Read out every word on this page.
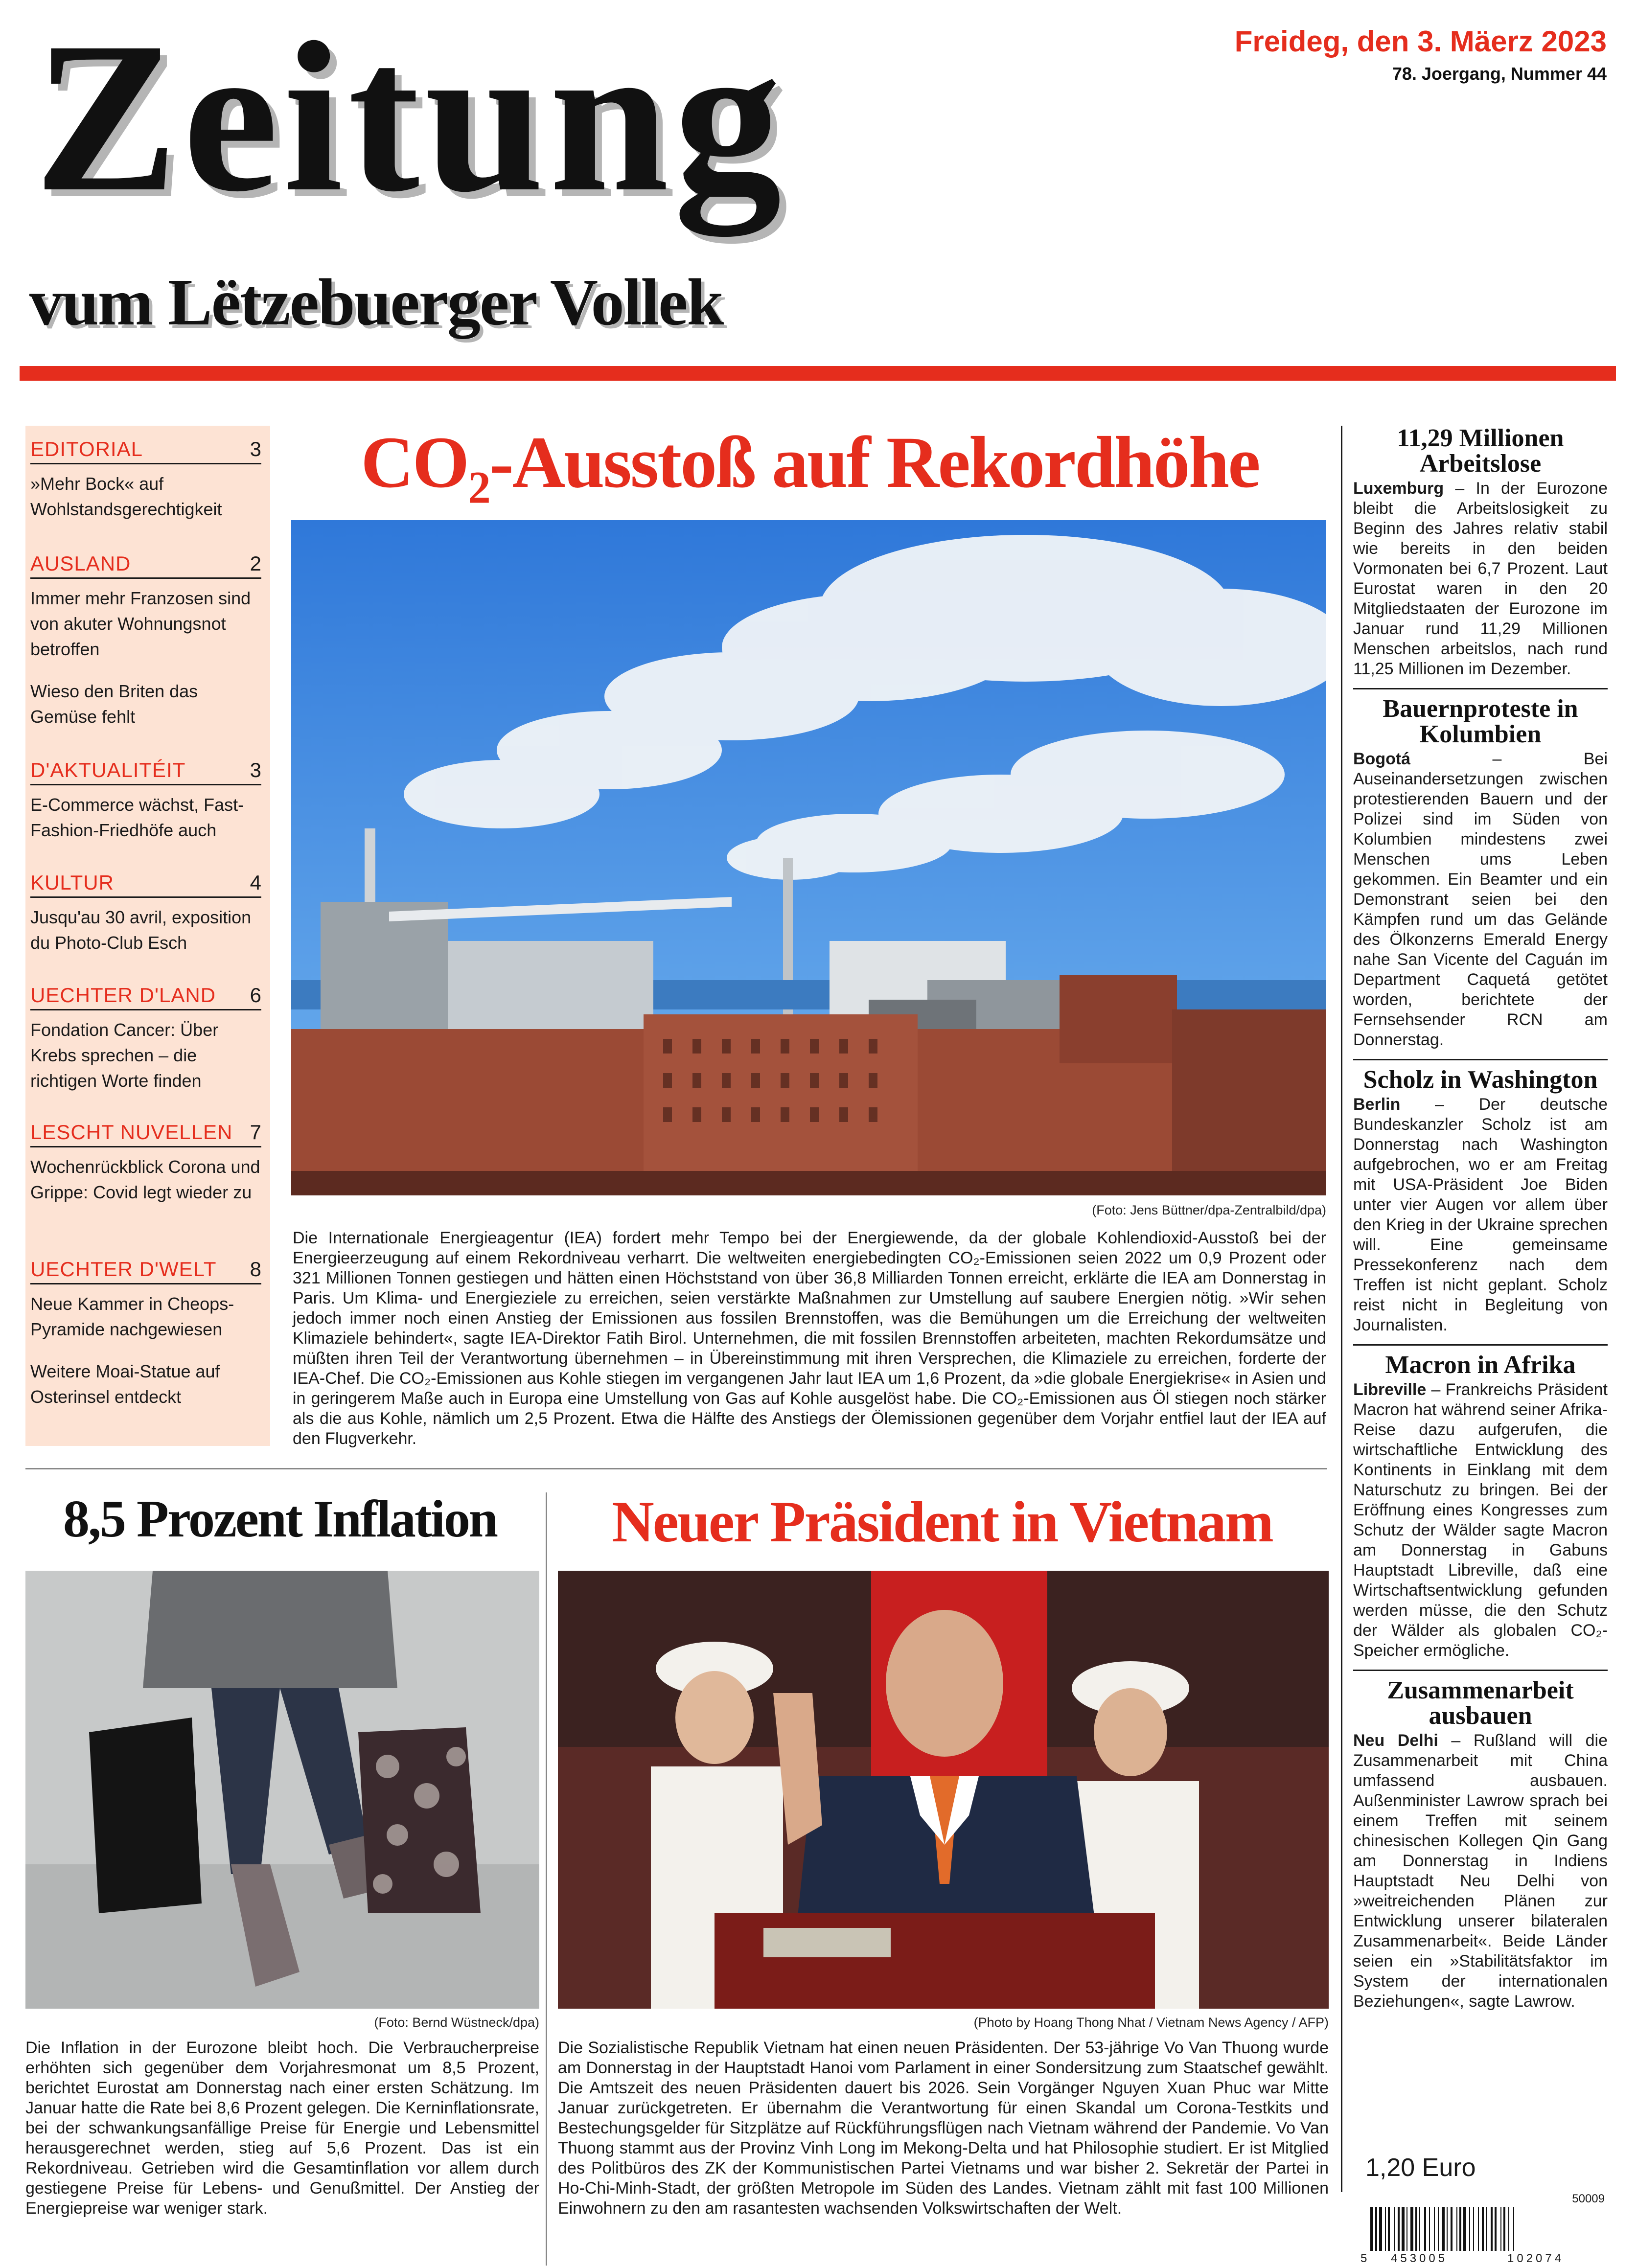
Zeitung
vum Lëtzebuerger Vollek
Freideg, den 3. Mäerz 2023
78. Joergang, Nummer 44
EDITORIAL	3
»Mehr Bock« auf Wohlstandsgerechtigkeit
AUSLAND	2
Immer mehr Franzosen sind von akuter Wohnungsnot betroffen
Wieso den Briten das Gemüse fehlt
D'AKTUALITÉIT	3
E-Commerce wächst, Fast-Fashion-Friedhöfe auch
KULTUR	4
Jusqu'au 30 avril, exposition du Photo-Club Esch
UECHTER D'LAND 6
Fondation Cancer: Über Krebs sprechen – die richtigen Worte finden
LESCHT NUVELLEN 7
Wochenrückblick Corona und Grippe: Covid legt wieder zu
UECHTER D'WELT 8
Neue Kammer in Cheops-Pyramide nachgewiesen
Weitere Moai-Statue auf Osterinsel entdeckt
$CO_2$-Ausstoß auf Rekordhöhe
(Foto: Jens Büttner/dpa-Zentralbild/dpa)
Die Internationale Energieagentur (IEA) fordert mehr Tempo bei der Energiewende, da der globale Kohlendioxid-Ausstoß bei der Energieerzeugung auf einem Rekordniveau verharrt. Die weltweiten energiebedingten CO₂-Emissionen seien 2022 um 0,9 Prozent oder 321 Millionen Tonnen gestiegen und hätten einen Höchststand von über 36,8 Milliarden Tonnen erreicht, erklärte die IEA am Donnerstag in Paris. Um Klima- und Energieziele zu erreichen, seien verstärkte Maßnahmen zur Umstellung auf saubere Energien nötig. »Wir sehen jedoch immer noch einen Anstieg der Emissionen aus fossilen Brennstoffen, was die Bemühungen um die Erreichung der weltweiten Klimaziele behindert«, sagte IEA-Direktor Fatih Birol. Unternehmen, die mit fossilen Brennstoffen arbeiteten, machten Rekordumsätze und müßten ihren Teil der Verantwortung übernehmen – in Übereinstimmung mit ihren Versprechen, die Klimaziele zu erreichen, forderte der IEA-Chef. Die CO₂-Emissionen aus Kohle stiegen im vergangenen Jahr laut IEA um 1,6 Prozent, da »die globale Energiekrise« in Asien und in geringerem Maße auch in Europa eine Umstellung von Gas auf Kohle ausgelöst habe. Die CO₂-Emissionen aus Öl stiegen noch stärker als die aus Kohle, nämlich um 2,5 Prozent. Etwa die Hälfte des Anstiegs der Ölemissionen gegenüber dem Vorjahr entfiel laut der IEA auf den Flugverkehr.
8,5 Prozent Inflation
(Foto: Bernd Wüstneck/dpa)
Die Inflation in der Eurozone bleibt hoch. Die Verbraucherpreise erhöhten sich gegenüber dem Vorjahresmonat um 8,5 Prozent, berichtet Eurostat am Donnerstag nach einer ersten Schätzung. Im Januar hatte die Rate bei 8,6 Prozent gelegen. Die Kerninflationsrate, bei der schwankungsanfällige Preise für Energie und Lebensmittel herausgerechnet werden, stieg auf 5,6 Prozent. Das ist ein Rekordniveau. Getrieben wird die Gesamtinflation vor allem durch gestiegene Preise für Lebens- und Genußmittel. Der Anstieg der Energiepreise war weniger stark.
Neuer Präsident in Vietnam
(Photo by Hoang Thong Nhat / Vietnam News Agency / AFP)
Die Sozialistische Republik Vietnam hat einen neuen Präsidenten. Der 53-jährige Vo Van Thuong wurde am Donnerstag in der Hauptstadt Hanoi vom Parlament in einer Sondersitzung zum Staatschef gewählt. Die Amtszeit des neuen Präsidenten dauert bis 2026. Sein Vorgänger Nguyen Xuan Phuc war Mitte Januar zurückgetreten. Er übernahm die Verantwortung für einen Skandal um Corona-Testkits und Bestechungsgelder für Sitzplätze auf Rückführungsflügen nach Vietnam während der Pandemie. Vo Van Thuong stammt aus der Provinz Vinh Long im Mekong-Delta und hat Philosophie studiert. Er ist Mitglied des Politbüros des ZK der Kommunistischen Partei Vietnams und war bisher 2. Sekretär der Partei in Ho-Chi-Minh-Stadt, der größten Metropole im Süden des Landes. Vietnam zählt mit fast 100 Millionen Einwohnern zu den am rasantesten wachsenden Volkswirtschaften der Welt.
11,29 Millionen Arbeitslose
Luxemburg – In der Eurozone bleibt die Arbeitslosigkeit zu Beginn des Jahres relativ stabil wie bereits in den beiden Vormonaten bei 6,7 Prozent. Laut Eurostat waren in den 20 Mitgliedstaaten der Eurozone im Januar rund 11,29 Millionen Menschen arbeitslos, nach rund 11,25 Millionen im Dezember.
Bauernproteste in Kolumbien
Bogotá	– Bei Auseinandersetzungen zwischen protestierenden Bauern und der Polizei sind im Süden von Kolumbien mindestens zwei Menschen ums Leben gekommen. Ein Beamter und ein Demonstrant seien bei den Kämpfen rund um das Gelände des Ölkonzerns Emerald Energy nahe San Vicente del Caguán im Department Caquetá getötet worden, berichtete der Fernsehsender RCN am Donnerstag.
Scholz in Washington
Berlin – Der deutsche Bundeskanzler Scholz ist am Donnerstag nach Washington aufgebrochen, wo er am Freitag mit USA-Präsident Joe Biden unter vier Augen vor allem über den Krieg in der Ukraine sprechen will. Eine gemeinsame Pressekonferenz nach dem Treffen ist nicht geplant. Scholz reist nicht in Begleitung von Journalisten.
Macron in Afrika
Libreville – Frankreichs Präsident Macron hat während seiner Afrika-Reise dazu aufgerufen, die wirtschaftliche Entwicklung des Kontinents in Einklang mit dem Naturschutz zu bringen. Bei der Eröffnung eines Kongresses zum Schutz der Wälder sagte Macron am Donnerstag in Gabuns Hauptstadt Libreville, daß eine Wirtschaftsentwicklung gefunden werden müsse, die den Schutz der Wälder als globalen CO₂-Speicher ermögliche.
Zusammenarbeit ausbauen
Neu Delhi – Rußland will die Zusammenarbeit mit China umfassend ausbauen. Außenminister Lawrow sprach bei einem Treffen mit seinem chinesischen Kollegen Qin Gang am Donnerstag in Indiens Hauptstadt Neu Delhi von »weitreichenden Plänen zur Entwicklung unserer bilateralen Zusammenarbeit«. Beide Länder seien ein »Stabilitätsfaktor im System der internationalen Beziehungen«, sagte Lawrow.
1,20 Euro
50009
5 453005	102074
